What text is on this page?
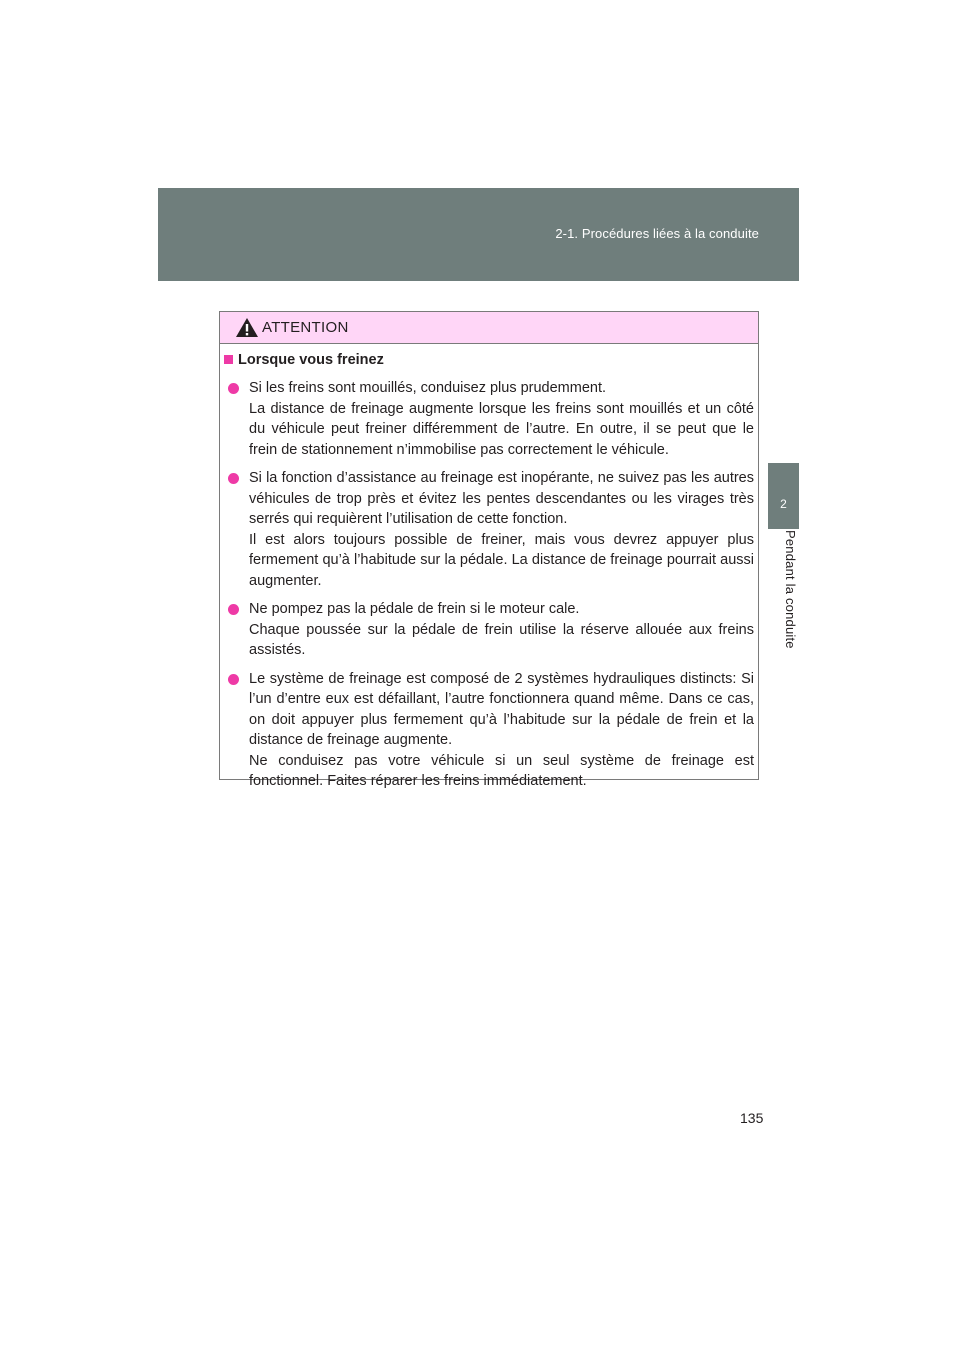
2-1. Procédures liées à la conduite
2
Pendant la conduite
ATTENTION
Lorsque vous freinez

Si les freins sont mouillés, conduisez plus prudemment.

La distance de freinage augmente lorsque les freins sont mouillés et un côté du véhicule peut freiner différemment de l’autre. En outre, il se peut que le frein de stationnement n’immobilise pas correctement le véhicule.

Si la fonction d’assistance au freinage est inopérante, ne suivez pas les autres véhicules de trop près et évitez les pentes descendantes ou les virages très serrés qui requièrent l’utilisation de cette fonction.

Il est alors toujours possible de freiner, mais vous devrez appuyer plus fermement qu’à l’habitude sur la pédale. La distance de freinage pourrait aussi augmenter.

Ne pompez pas la pédale de frein si le moteur cale.

Chaque poussée sur la pédale de frein utilise la réserve allouée aux freins assistés.

Le système de freinage est composé de 2 systèmes hydrauliques distincts: Si l’un d’entre eux est défaillant, l’autre fonctionnera quand même. Dans ce cas, on doit appuyer plus fermement qu’à l’habitude sur la pédale de frein et la distance de freinage augmente.

Ne conduisez pas votre véhicule si un seul système de freinage est fonctionnel. Faites réparer les freins immédiatement.

135
